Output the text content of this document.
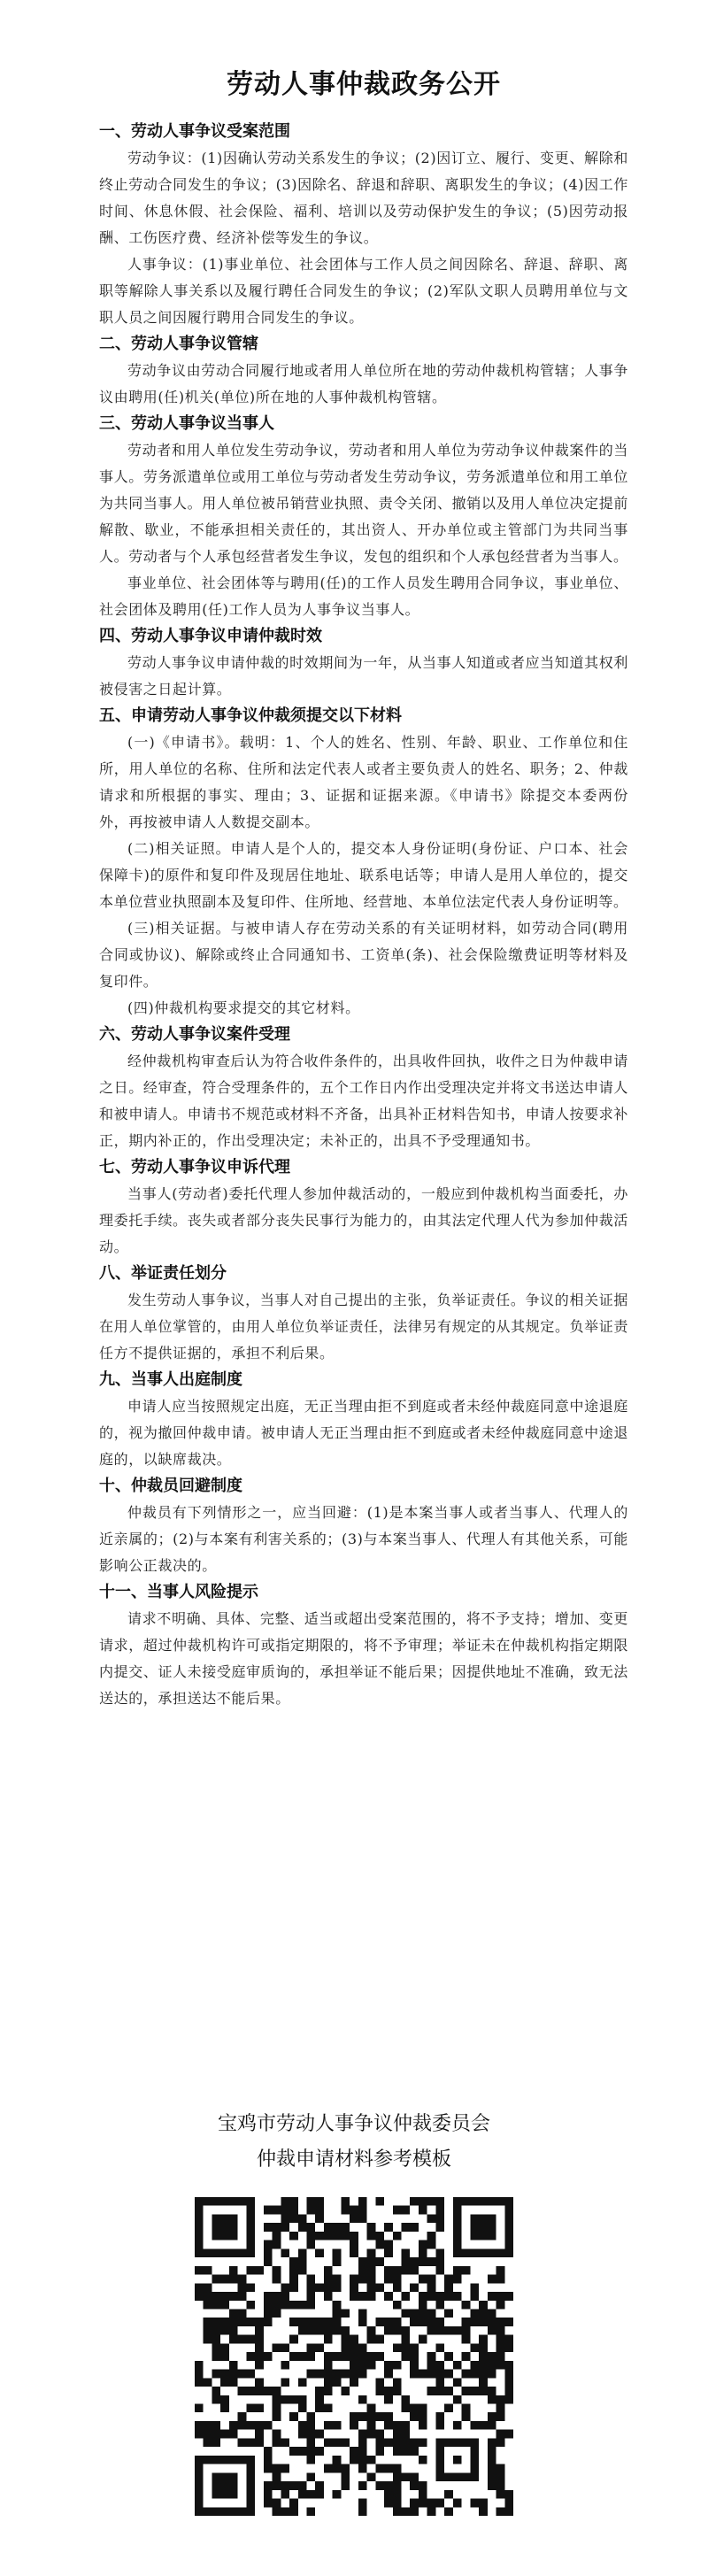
劳动人事仲裁政务公开
一、劳动人事争议受案范围

劳动争议：(1)因确认劳动关系发生的争议；(2)因订立、履行、变更、解除和终止劳动合同发生的争议；(3)因除名、辞退和辞职、离职发生的争议；(4)因工作时间、休息休假、社会保险、福利、培训以及劳动保护发生的争议；(5)因劳动报酬、工伤医疗费、经济补偿等发生的争议。

人事争议：(1)事业单位、社会团体与工作人员之间因除名、辞退、辞职、离职等解除人事关系以及履行聘任合同发生的争议；(2)军队文职人员聘用单位与文职人员之间因履行聘用合同发生的争议。

二、劳动人事争议管辖

劳动争议由劳动合同履行地或者用人单位所在地的劳动仲裁机构管辖；人事争议由聘用(任)机关(单位)所在地的人事仲裁机构管辖。

三、劳动人事争议当事人

劳动者和用人单位发生劳动争议，劳动者和用人单位为劳动争议仲裁案件的当事人。劳务派遣单位或用工单位与劳动者发生劳动争议，劳务派遣单位和用工单位为共同当事人。用人单位被吊销营业执照、责令关闭、撤销以及用人单位决定提前解散、歇业，不能承担相关责任的，其出资人、开办单位或主管部门为共同当事人。劳动者与个人承包经营者发生争议，发包的组织和个人承包经营者为当事人。

事业单位、社会团体等与聘用(任)的工作人员发生聘用合同争议，事业单位、社会团体及聘用(任)工作人员为人事争议当事人。

四、劳动人事争议申请仲裁时效

劳动人事争议申请仲裁的时效期间为一年，从当事人知道或者应当知道其权利被侵害之日起计算。

五、申请劳动人事争议仲裁须提交以下材料

(一)《申请书》。载明：1、个人的姓名、性别、年龄、职业、工作单位和住所，用人单位的名称、住所和法定代表人或者主要负责人的姓名、职务；2、仲裁请求和所根据的事实、理由；3、证据和证据来源。《申请书》除提交本委两份外，再按被申请人人数提交副本。

(二)相关证照。申请人是个人的，提交本人身份证明(身份证、户口本、社会保障卡)的原件和复印件及现居住地址、联系电话等；申请人是用人单位的，提交本单位营业执照副本及复印件、住所地、经营地、本单位法定代表人身份证明等。

(三)相关证据。与被申请人存在劳动关系的有关证明材料，如劳动合同(聘用合同或协议)、解除或终止合同通知书、工资单(条)、社会保险缴费证明等材料及复印件。

(四)仲裁机构要求提交的其它材料。

六、劳动人事争议案件受理

经仲裁机构审查后认为符合收件条件的，出具收件回执，收件之日为仲裁申请之日。经审查，符合受理条件的，五个工作日内作出受理决定并将文书送达申请人和被申请人。申请书不规范或材料不齐备，出具补正材料告知书，申请人按要求补正，期内补正的，作出受理决定；未补正的，出具不予受理通知书。

七、劳动人事争议申诉代理

当事人(劳动者)委托代理人参加仲裁活动的，一般应到仲裁机构当面委托，办理委托手续。丧失或者部分丧失民事行为能力的，由其法定代理人代为参加仲裁活动。

八、举证责任划分

发生劳动人事争议，当事人对自己提出的主张，负举证责任。争议的相关证据在用人单位掌管的，由用人单位负举证责任，法律另有规定的从其规定。负举证责任方不提供证据的，承担不利后果。

九、当事人出庭制度

申请人应当按照规定出庭，无正当理由拒不到庭或者未经仲裁庭同意中途退庭的，视为撤回仲裁申请。被申请人无正当理由拒不到庭或者未经仲裁庭同意中途退庭的，以缺席裁决。

十、仲裁员回避制度

仲裁员有下列情形之一，应当回避：(1)是本案当事人或者当事人、代理人的近亲属的；(2)与本案有利害关系的；(3)与本案当事人、代理人有其他关系，可能影响公正裁决的。

十一、当事人风险提示

请求不明确、具体、完整、适当或超出受案范围的，将不予支持；增加、变更请求，超过仲裁机构许可或指定期限的，将不予审理；举证未在仲裁机构指定期限内提交、证人未接受庭审质询的，承担举证不能后果；因提供地址不准确，致无法送达的，承担送达不能后果。

宝鸡市劳动人事争议仲裁委员会

仲裁申请材料参考模板
